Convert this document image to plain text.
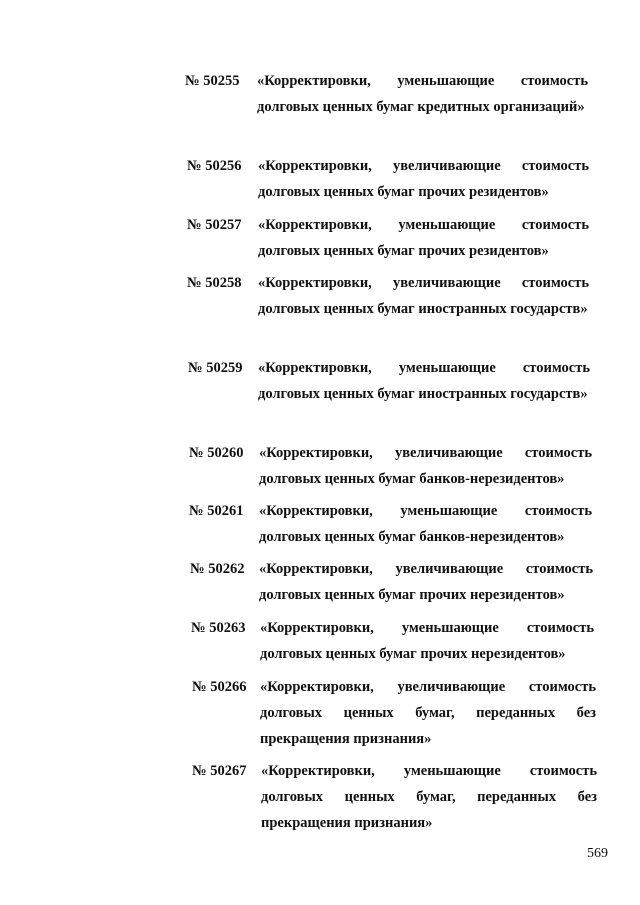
№ 50255 «Корректировки, уменьшающие стоимость долговых ценных бумаг кредитных организаций»
№ 50256 «Корректировки, увеличивающие стоимость долговых ценных бумаг прочих резидентов»
№ 50257 «Корректировки, уменьшающие стоимость долговых ценных бумаг прочих резидентов»
№ 50258 «Корректировки, увеличивающие стоимость долговых ценных бумаг иностранных государств»
№ 50259 «Корректировки, уменьшающие стоимость долговых ценных бумаг иностранных государств»
№ 50260 «Корректировки, увеличивающие стоимость долговых ценных бумаг банков-нерезидентов»
№ 50261 «Корректировки, уменьшающие стоимость долговых ценных бумаг банков-нерезидентов»
№ 50262 «Корректировки, увеличивающие стоимость долговых ценных бумаг прочих нерезидентов»
№ 50263 «Корректировки, уменьшающие стоимость долговых ценных бумаг прочих нерезидентов»
№ 50266 «Корректировки, увеличивающие стоимость долговых ценных бумаг, переданных без прекращения признания»
№ 50267 «Корректировки, уменьшающие стоимость долговых ценных бумаг, переданных без прекращения признания»
569
